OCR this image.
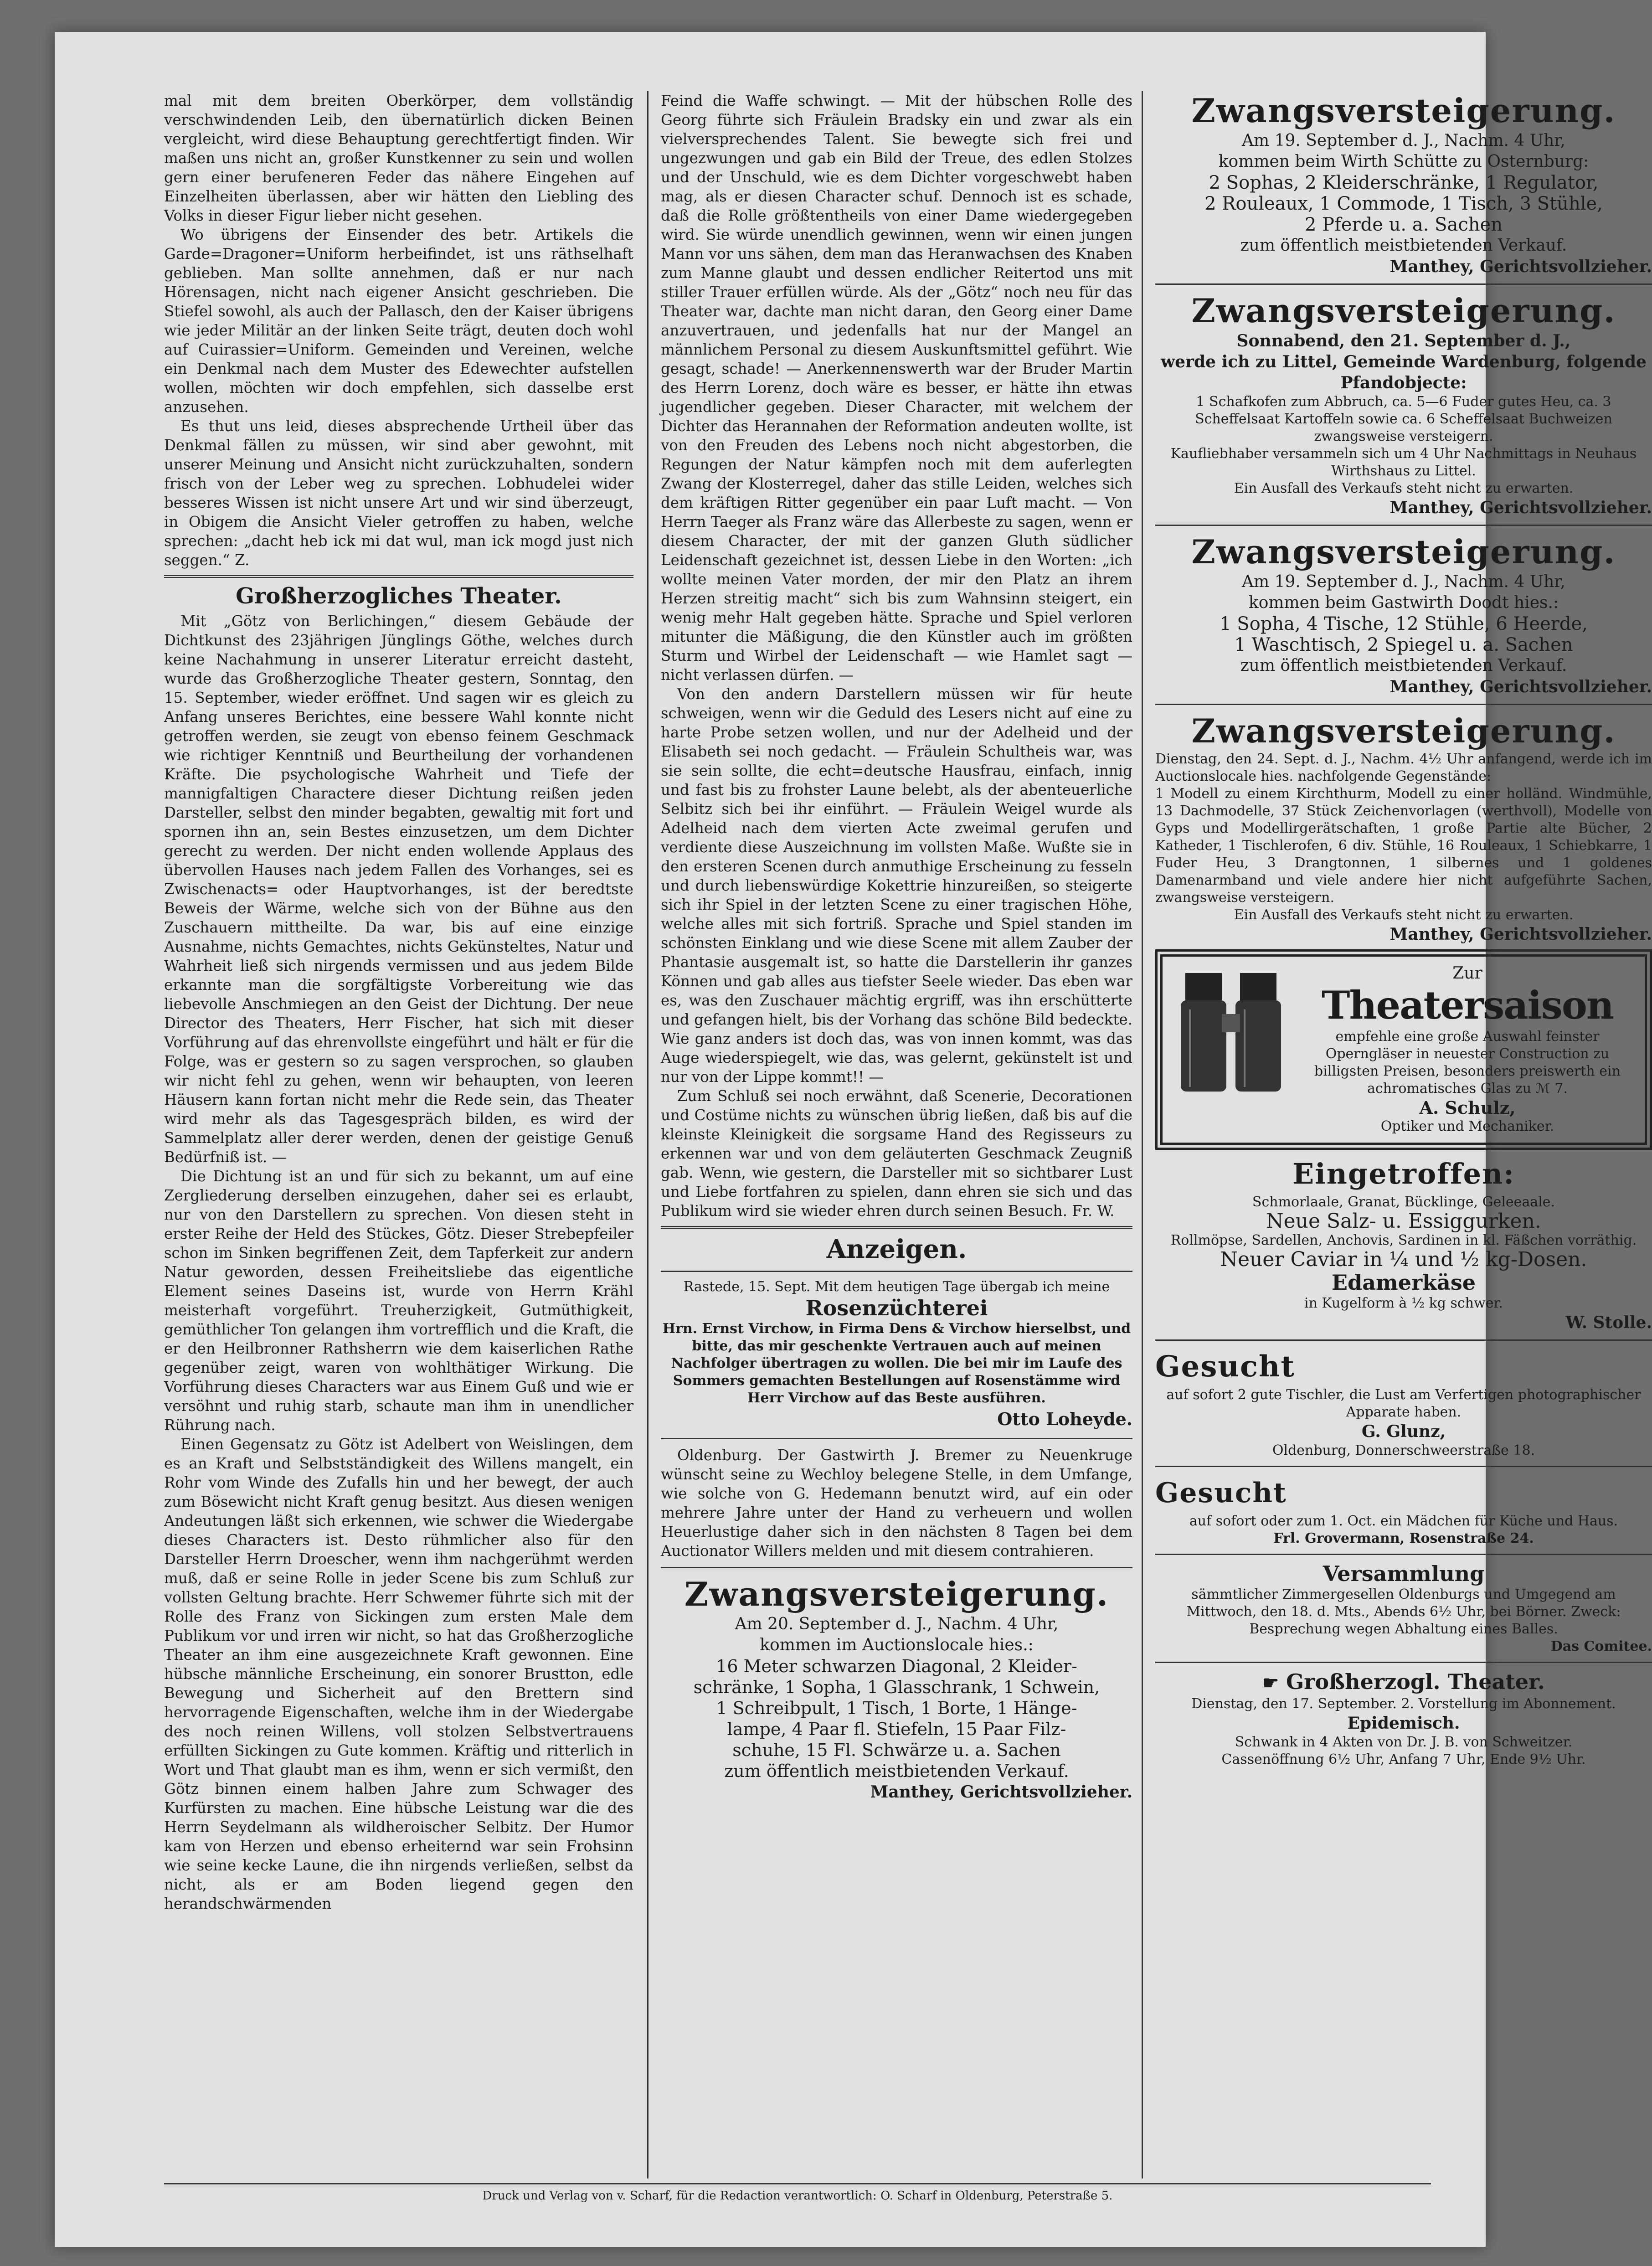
mal mit dem breiten Oberkörper, dem vollständig verschwindenden Leib, den übernatürlich dicken Beinen vergleicht, wird diese Behauptung gerechtfertigt finden. Wir maßen uns nicht an, großer Kunstkenner zu sein und wollen gern einer berufeneren Feder das nähere Eingehen auf Einzelheiten überlassen, aber wir hätten den Liebling des Volks in dieser Figur lieber nicht gesehen.

Wo übrigens der Einsender des betr. Artikels die Garde=Dragoner=Uniform herbeifindet, ist uns räthselhaft geblieben. Man sollte annehmen, daß er nur nach Hörensagen, nicht nach eigener Ansicht geschrieben. Die Stiefel sowohl, als auch der Pallasch, den der Kaiser übrigens wie jeder Militär an der linken Seite trägt, deuten doch wohl auf Cuirassier=Uniform. Gemeinden und Vereinen, welche ein Denkmal nach dem Muster des Edewechter aufstellen wollen, möchten wir doch empfehlen, sich dasselbe erst anzusehen.

Es thut uns leid, dieses absprechende Urtheil über das Denkmal fällen zu müssen, wir sind aber gewohnt, mit unserer Meinung und Ansicht nicht zurückzuhalten, sondern frisch von der Leber weg zu sprechen. Lobhudelei wider besseres Wissen ist nicht unsere Art und wir sind überzeugt, in Obigem die Ansicht Vieler getroffen zu haben, welche sprechen: „dacht heb ick mi dat wul, man ick mogd just nich seggen.“ Z.

Großherzogliches Theater.

Mit „Götz von Berlichingen,“ diesem Gebäude der Dichtkunst des 23jährigen Jünglings Göthe, welches durch keine Nachahmung in unserer Literatur erreicht dasteht, wurde das Großherzogliche Theater gestern, Sonntag, den 15. September, wieder eröffnet. Und sagen wir es gleich zu Anfang unseres Berichtes, eine bessere Wahl konnte nicht getroffen werden, sie zeugt von ebenso feinem Geschmack wie richtiger Kenntniß und Beurtheilung der vorhandenen Kräfte. Die psychologische Wahrheit und Tiefe der mannigfaltigen Charactere dieser Dichtung reißen jeden Darsteller, selbst den minder begabten, gewaltig mit fort und spornen ihn an, sein Bestes einzusetzen, um dem Dichter gerecht zu werden. Der nicht enden wollende Applaus des übervollen Hauses nach jedem Fallen des Vorhanges, sei es Zwischenacts= oder Hauptvorhanges, ist der beredtste Beweis der Wärme, welche sich von der Bühne aus den Zuschauern mittheilte. Da war, bis auf eine einzige Ausnahme, nichts Gemachtes, nichts Gekünsteltes, Natur und Wahrheit ließ sich nirgends vermissen und aus jedem Bilde erkannte man die sorgfältigste Vorbereitung wie das liebevolle Anschmiegen an den Geist der Dichtung. Der neue Director des Theaters, Herr Fischer, hat sich mit dieser Vorführung auf das ehrenvollste eingeführt und hält er für die Folge, was er gestern so zu sagen versprochen, so glauben wir nicht fehl zu gehen, wenn wir behaupten, von leeren Häusern kann fortan nicht mehr die Rede sein, das Theater wird mehr als das Tagesgespräch bilden, es wird der Sammelplatz aller derer werden, denen der geistige Genuß Bedürfniß ist. —

Die Dichtung ist an und für sich zu bekannt, um auf eine Zergliederung derselben einzugehen, daher sei es erlaubt, nur von den Darstellern zu sprechen. Von diesen steht in erster Reihe der Held des Stückes, Götz. Dieser Strebepfeiler schon im Sinken begriffenen Zeit, dem Tapferkeit zur andern Natur geworden, dessen Freiheitsliebe das eigentliche Element seines Daseins ist, wurde von Herrn Krähl meisterhaft vorgeführt. Treuherzigkeit, Gutmüthigkeit, gemüthlicher Ton gelangen ihm vortrefflich und die Kraft, die er den Heilbronner Rathsherrn wie dem kaiserlichen Rathe gegenüber zeigt, waren von wohlthätiger Wirkung. Die Vorführung dieses Characters war aus Einem Guß und wie er versöhnt und ruhig starb, schaute man ihm in unendlicher Rührung nach.

Einen Gegensatz zu Götz ist Adelbert von Weislingen, dem es an Kraft und Selbstständigkeit des Willens mangelt, ein Rohr vom Winde des Zufalls hin und her bewegt, der auch zum Bösewicht nicht Kraft genug besitzt. Aus diesen wenigen Andeutungen läßt sich erkennen, wie schwer die Wiedergabe dieses Characters ist. Desto rühmlicher also für den Darsteller Herrn Droescher, wenn ihm nachgerühmt werden muß, daß er seine Rolle in jeder Scene bis zum Schluß zur vollsten Geltung brachte. Herr Schwemer führte sich mit der Rolle des Franz von Sickingen zum ersten Male dem Publikum vor und irren wir nicht, so hat das Großherzogliche Theater an ihm eine ausgezeichnete Kraft gewonnen. Eine hübsche männliche Erscheinung, ein sonorer Brustton, edle Bewegung und Sicherheit auf den Brettern sind hervorragende Eigenschaften, welche ihm in der Wiedergabe des noch reinen Willens, voll stolzen Selbstvertrauens erfüllten Sickingen zu Gute kommen. Kräftig und ritterlich in Wort und That glaubt man es ihm, wenn er sich vermißt, den Götz binnen einem halben Jahre zum Schwager des Kurfürsten zu machen. Eine hübsche Leistung war die des Herrn Seydelmann als wildheroischer Selbitz. Der Humor kam von Herzen und ebenso erheiternd war sein Frohsinn wie seine kecke Laune, die ihn nirgends verließen, selbst da nicht, als er am Boden liegend gegen den herandschwärmenden

Feind die Waffe schwingt. — Mit der hübschen Rolle des Georg führte sich Fräulein Bradsky ein und zwar als ein vielversprechendes Talent. Sie bewegte sich frei und ungezwungen und gab ein Bild der Treue, des edlen Stolzes und der Unschuld, wie es dem Dichter vorgeschwebt haben mag, als er diesen Character schuf. Dennoch ist es schade, daß die Rolle größtentheils von einer Dame wiedergegeben wird. Sie würde unendlich gewinnen, wenn wir einen jungen Mann vor uns sähen, dem man das Heranwachsen des Knaben zum Manne glaubt und dessen endlicher Reitertod uns mit stiller Trauer erfüllen würde. Als der „Götz“ noch neu für das Theater war, dachte man nicht daran, den Georg einer Dame anzuvertrauen, und jedenfalls hat nur der Mangel an männlichem Personal zu diesem Auskunftsmittel geführt. Wie gesagt, schade! — Anerkennenswerth war der Bruder Martin des Herrn Lorenz, doch wäre es besser, er hätte ihn etwas jugendlicher gegeben. Dieser Character, mit welchem der Dichter das Herannahen der Reformation andeuten wollte, ist von den Freuden des Lebens noch nicht abgestorben, die Regungen der Natur kämpfen noch mit dem auferlegten Zwang der Klosterregel, daher das stille Leiden, welches sich dem kräftigen Ritter gegenüber ein paar Luft macht. — Von Herrn Taeger als Franz wäre das Allerbeste zu sagen, wenn er diesem Character, der mit der ganzen Gluth südlicher Leidenschaft gezeichnet ist, dessen Liebe in den Worten: „ich wollte meinen Vater morden, der mir den Platz an ihrem Herzen streitig macht“ sich bis zum Wahnsinn steigert, ein wenig mehr Halt gegeben hätte. Sprache und Spiel verloren mitunter die Mäßigung, die den Künstler auch im größten Sturm und Wirbel der Leidenschaft — wie Hamlet sagt — nicht verlassen dürfen. —

Von den andern Darstellern müssen wir für heute schweigen, wenn wir die Geduld des Lesers nicht auf eine zu harte Probe setzen wollen, und nur der Adelheid und der Elisabeth sei noch gedacht. — Fräulein Schultheis war, was sie sein sollte, die echt=deutsche Hausfrau, einfach, innig und fast bis zu frohster Laune belebt, als der abenteuerliche Selbitz sich bei ihr einführt. — Fräulein Weigel wurde als Adelheid nach dem vierten Acte zweimal gerufen und verdiente diese Auszeichnung im vollsten Maße. Wußte sie in den ersteren Scenen durch anmuthige Erscheinung zu fesseln und durch liebenswürdige Kokettrie hinzureißen, so steigerte sich ihr Spiel in der letzten Scene zu einer tragischen Höhe, welche alles mit sich fortriß. Sprache und Spiel standen im schönsten Einklang und wie diese Scene mit allem Zauber der Phantasie ausgemalt ist, so hatte die Darstellerin ihr ganzes Können und gab alles aus tiefster Seele wieder. Das eben war es, was den Zuschauer mächtig ergriff, was ihn erschütterte und gefangen hielt, bis der Vorhang das schöne Bild bedeckte. Wie ganz anders ist doch das, was von innen kommt, was das Auge wiederspiegelt, wie das, was gelernt, gekünstelt ist und nur von der Lippe kommt!! —

Zum Schluß sei noch erwähnt, daß Scenerie, Decorationen und Costüme nichts zu wünschen übrig ließen, daß bis auf die kleinste Kleinigkeit die sorgsame Hand des Regisseurs zu erkennen war und von dem geläuterten Geschmack Zeugniß gab. Wenn, wie gestern, die Darsteller mit so sichtbarer Lust und Liebe fortfahren zu spielen, dann ehren sie sich und das Publikum wird sie wieder ehren durch seinen Besuch. Fr. W.

Anzeigen.
Rastede, 15. Sept. Mit dem heutigen Tage übergab ich meine
Rosenzüchterei
Hrn. Ernst Virchow, in Firma Dens & Virchow hierselbst, und bitte, das mir geschenkte Vertrauen auch auf meinen Nachfolger übertragen zu wollen. Die bei mir im Laufe des Sommers gemachten Bestellungen auf Rosenstämme wird Herr Virchow auf das Beste ausführen.
Otto Loheyde.

Oldenburg. Der Gastwirth J. Bremer zu Neuenkruge wünscht seine zu Wechloy belegene Stelle, in dem Umfange, wie solche von G. Hedemann benutzt wird, auf ein oder mehrere Jahre unter der Hand zu verheuern und wollen Heuerlustige daher sich in den nächsten 8 Tagen bei dem Auctionator Willers melden und mit diesem contrahieren.

Zwangsversteigerung.
Am 20. September d. J., Nachm. 4 Uhr,
kommen im Auctionslocale hies.:
16 Meter schwarzen Diagonal, 2 Kleider-
schränke, 1 Sopha, 1 Glasschrank, 1 Schwein,
1 Schreibpult, 1 Tisch, 1 Borte, 1 Hänge-
lampe, 4 Paar fl. Stiefeln, 15 Paar Filz-
schuhe, 15 Fl. Schwärze u. a. Sachen
zum öffentlich meistbietenden Verkauf.
Manthey, Gerichtsvollzieher.
Zwangsversteigerung.
Am 19. September d. J., Nachm. 4 Uhr,
kommen beim Wirth Schütte zu Osternburg:
2 Sophas, 2 Kleiderschränke, 1 Regulator,
2 Rouleaux, 1 Commode, 1 Tisch, 3 Stühle,
2 Pferde u. a. Sachen
zum öffentlich meistbietenden Verkauf.
Manthey, Gerichtsvollzieher.
Zwangsversteigerung.
Sonnabend, den 21. September d. J.,
werde ich zu Littel, Gemeinde Wardenburg, folgende Pfandobjecte:
1 Schafkofen zum Abbruch, ca. 5—6 Fuder gutes Heu, ca. 3 Scheffelsaat Kartoffeln sowie ca. 6 Scheffelsaat Buchweizen
zwangsweise versteigern.
Kaufliebhaber versammeln sich um 4 Uhr Nachmittags in Neuhaus Wirthshaus zu Littel.
Ein Ausfall des Verkaufs steht nicht zu erwarten.
Manthey, Gerichtsvollzieher.
Zwangsversteigerung.
Am 19. September d. J., Nachm. 4 Uhr,
kommen beim Gastwirth Doodt hies.:
1 Sopha, 4 Tische, 12 Stühle, 6 Heerde,
1 Waschtisch, 2 Spiegel u. a. Sachen
zum öffentlich meistbietenden Verkauf.
Manthey, Gerichtsvollzieher.
Zwangsversteigerung.
Dienstag, den 24. Sept. d. J., Nachm. 4½ Uhr anfangend, werde ich im Auctionslocale hies. nachfolgende Gegenstände:
1 Modell zu einem Kirchthurm, Modell zu einer holländ. Windmühle, 13 Dachmodelle, 37 Stück Zeichenvorlagen (werthvoll), Modelle von Gyps und Modellirgerätschaften, 1 große Partie alte Bücher, 2 Katheder, 1 Tischlerofen, 6 div. Stühle, 16 Rouleaux, 1 Schiebkarre, 1 Fuder Heu, 3 Drangtonnen, 1 silbernes und 1 goldenes Damenarmband und viele andere hier nicht aufgeführte Sachen, zwangsweise versteigern.
Ein Ausfall des Verkaufs steht nicht zu erwarten.
Manthey, Gerichtsvollzieher.
Zur
Theatersaison
empfehle eine große Auswahl feinster Operngläser in neuester Construction zu billigsten Preisen, besonders preiswerth ein achromatisches Glas zu ℳ 7.
A. Schulz,
Optiker und Mechaniker.
Eingetroffen:
Schmorlaale, Granat, Bücklinge, Geleeaale.
Neue Salz- u. Essiggurken.
Rollmöpse, Sardellen, Anchovis, Sardinen in kl. Fäßchen vorräthig.
Neuer Caviar in ¼ und ½ kg-Dosen.
Edamerkäse
in Kugelform à ½ kg schwer.
W. Stolle.
Gesucht
auf sofort 2 gute Tischler, die Lust am Verfertigen photographischer Apparate haben.
G. Glunz,
Oldenburg, Donnerschweerstraße 18.
Gesucht
auf sofort oder zum 1. Oct. ein Mädchen für Küche und Haus.
Frl. Grovermann, Rosenstraße 24.
Versammlung
sämmtlicher Zimmergesellen Oldenburgs und Umgegend am Mittwoch, den 18. d. Mts., Abends 6½ Uhr, bei Börner. Zweck: Besprechung wegen Abhaltung eines Balles.
Das Comitee.
☛ Großherzogl. Theater.
Dienstag, den 17. September. 2. Vorstellung im Abonnement.
Epidemisch.
Schwank in 4 Akten von Dr. J. B. von Schweitzer.
Cassenöffnung 6½ Uhr, Anfang 7 Uhr, Ende 9½ Uhr.
Druck und Verlag von v. Scharf, für die Redaction verantwortlich: O. Scharf in Oldenburg, Peterstraße 5.
